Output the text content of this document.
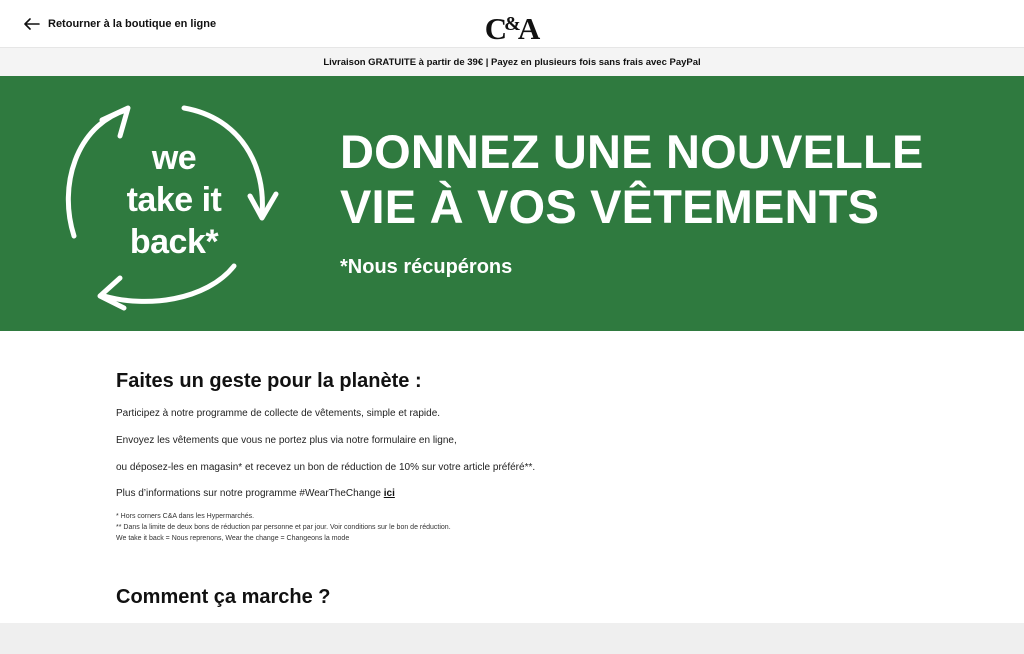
Retourner à la boutique en ligne	C&A
Livraison GRATUITE à partir de 39€ | Payez en plusieurs fois sans frais avec PayPal
we
take it
back*
DONNEZ UNE NOUVELLE
VIE À VOS VÊTEMENTS
*Nous récupérons
Faites un geste pour la planète :

Participez à notre programme de collecte de vêtements, simple et rapide.

Envoyez les vêtements que vous ne portez plus via notre formulaire en ligne,

ou déposez-les en magasin* et recevez un bon de réduction de 10% sur votre article préféré**.

Plus d’informations sur notre programme #WearTheChange ici

* Hors corners C&A dans les Hypermarchés.
** Dans la limite de deux bons de réduction par personne et par jour. Voir conditions sur le bon de réduction.
We take it back = Nous reprenons, Wear the change = Changeons la mode
Comment ça marche ?
